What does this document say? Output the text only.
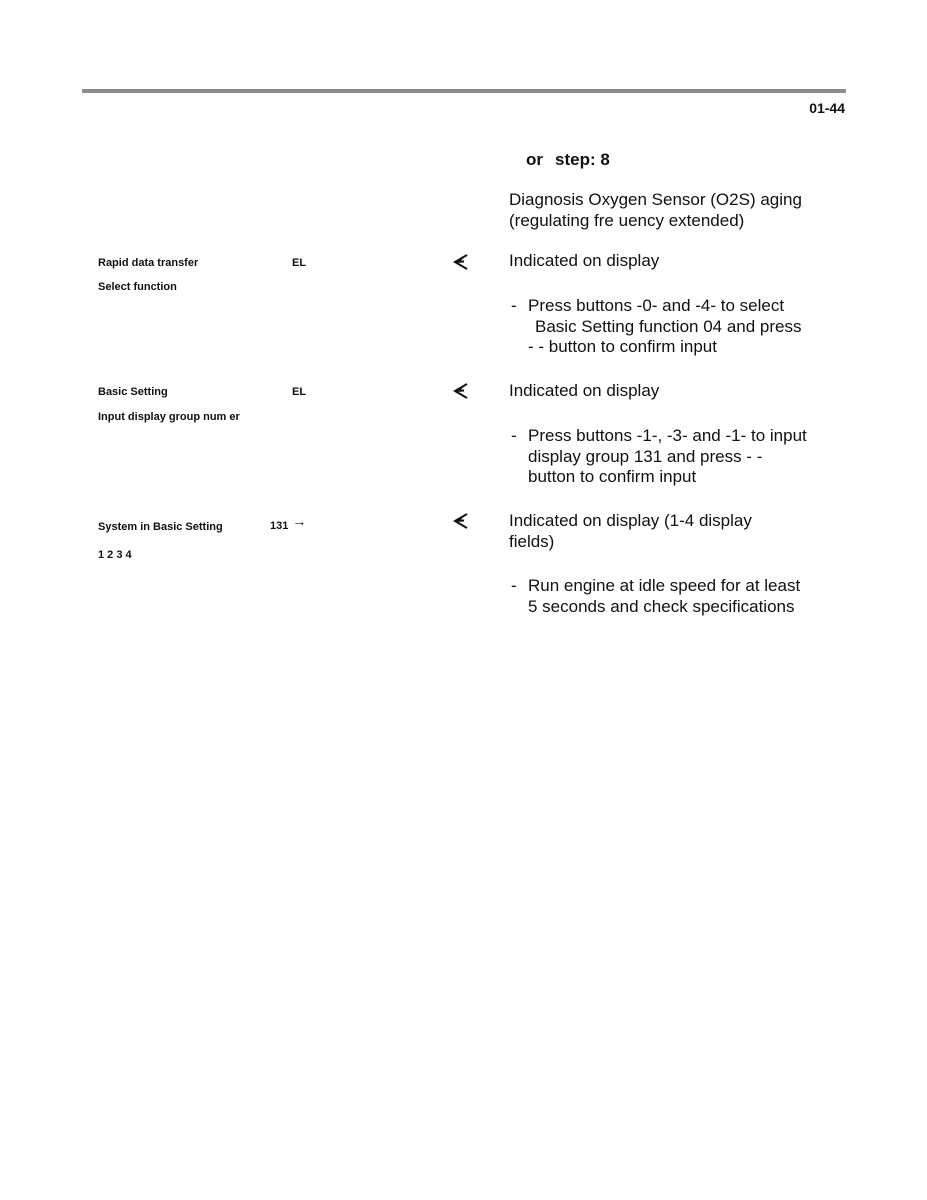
01-44
or step: 8
Diagnosis Oxygen Sensor (O2S) aging
(regulating fre uency extended)
Rapid data transfer	EL
Select function
Indicated on display
- Press buttons -0- and -4- to select
Basic Setting function 04 and press
- - button to confirm input
Basic Setting	EL
Input display group num er
Indicated on display
- Press buttons -1-, -3- and -1- to input
display group 131 and press - -
button to confirm input
System in Basic Setting	131 →
1 2 3 4
Indicated on display (1-4 display
fields)
- Run engine at idle speed for at least
5 seconds and check specifications
